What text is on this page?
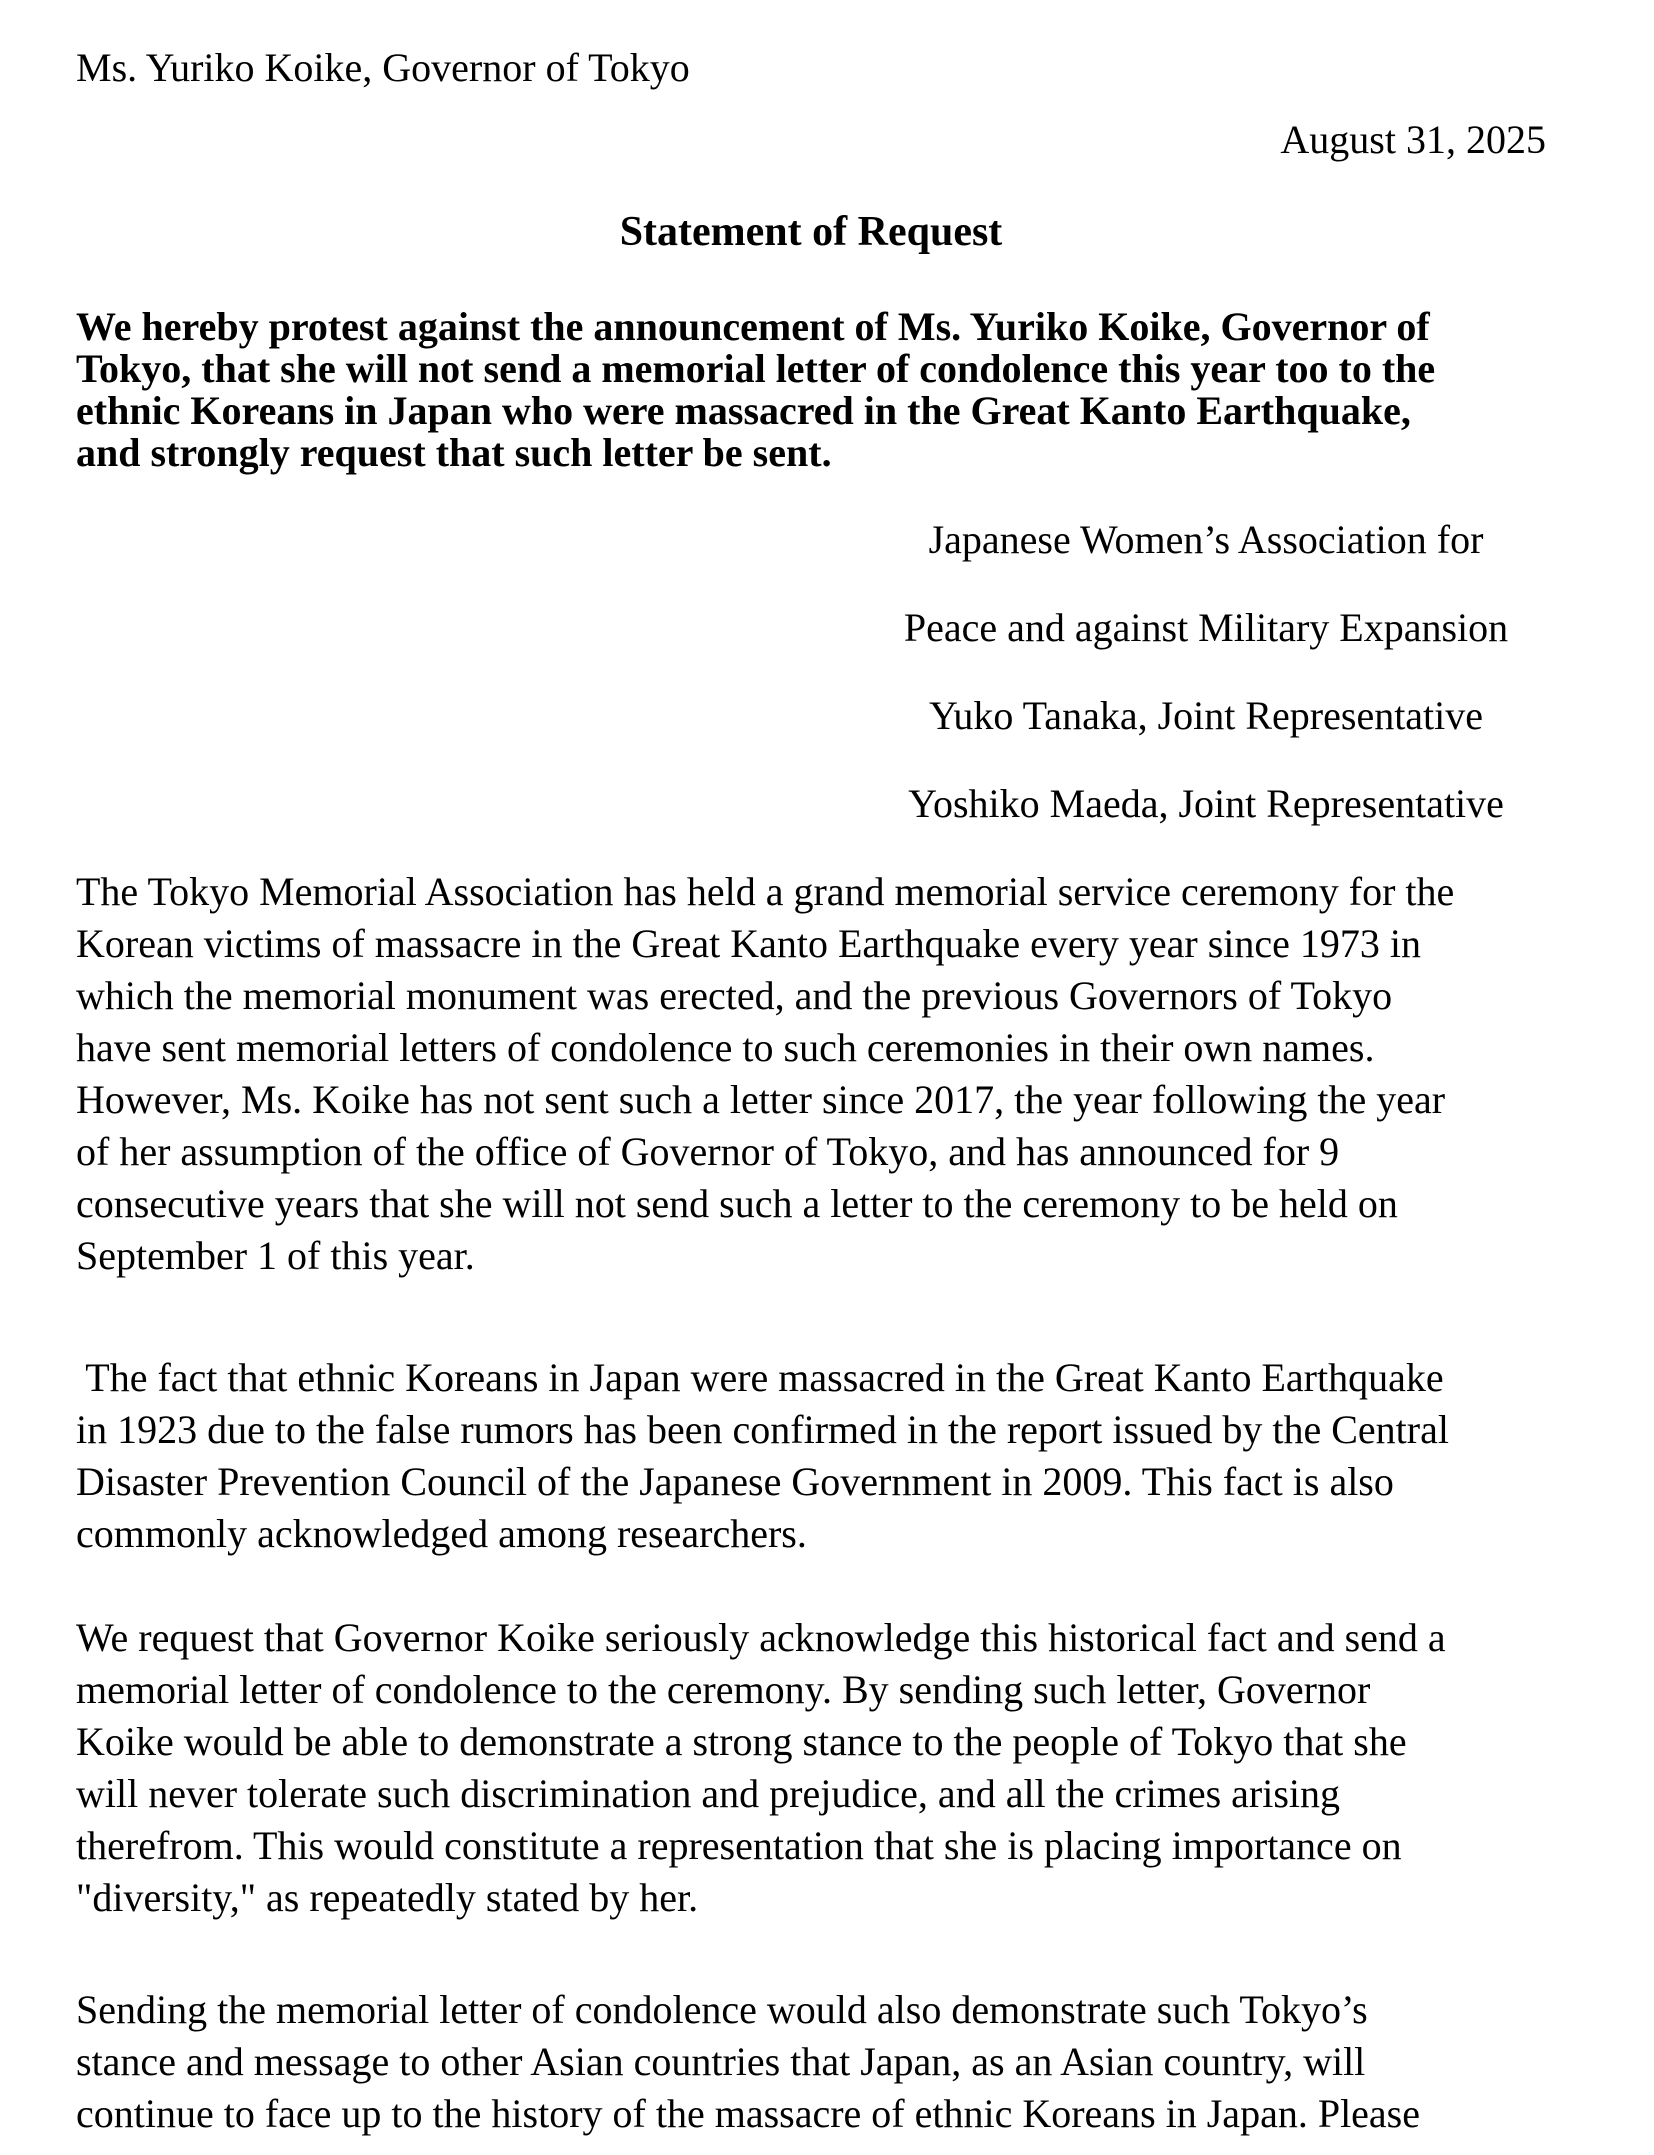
Ms. Yuriko Koike, Governor of Tokyo
August 31, 2025
Statement of Request
We hereby protest against the announcement of Ms. Yuriko Koike, Governor of
Tokyo, that she will not send a memorial letter of condolence this year too to the
ethnic Koreans in Japan who were massacred in the Great Kanto Earthquake,
and strongly request that such letter be sent.
Japanese Women’s Association for
Peace and against Military Expansion
Yuko Tanaka, Joint Representative
Yoshiko Maeda, Joint Representative
The Tokyo Memorial Association has held a grand memorial service ceremony for the
Korean victims of massacre in the Great Kanto Earthquake every year since 1973 in
which the memorial monument was erected, and the previous Governors of Tokyo
have sent memorial letters of condolence to such ceremonies in their own names.
However, Ms. Koike has not sent such a letter since 2017, the year following the year
of her assumption of the office of Governor of Tokyo, and has announced for 9
consecutive years that she will not send such a letter to the ceremony to be held on
September 1 of this year.
The fact that ethnic Koreans in Japan were massacred in the Great Kanto Earthquake
in 1923 due to the false rumors has been confirmed in the report issued by the Central
Disaster Prevention Council of the Japanese Government in 2009. This fact is also
commonly acknowledged among researchers.
We request that Governor Koike seriously acknowledge this historical fact and send a
memorial letter of condolence to the ceremony. By sending such letter, Governor
Koike would be able to demonstrate a strong stance to the people of Tokyo that she
will never tolerate such discrimination and prejudice, and all the crimes arising
therefrom. This would constitute a representation that she is placing importance on
"diversity," as repeatedly stated by her.
Sending the memorial letter of condolence would also demonstrate such Tokyo’s
stance and message to other Asian countries that Japan, as an Asian country, will
continue to face up to the history of the massacre of ethnic Koreans in Japan. Please
